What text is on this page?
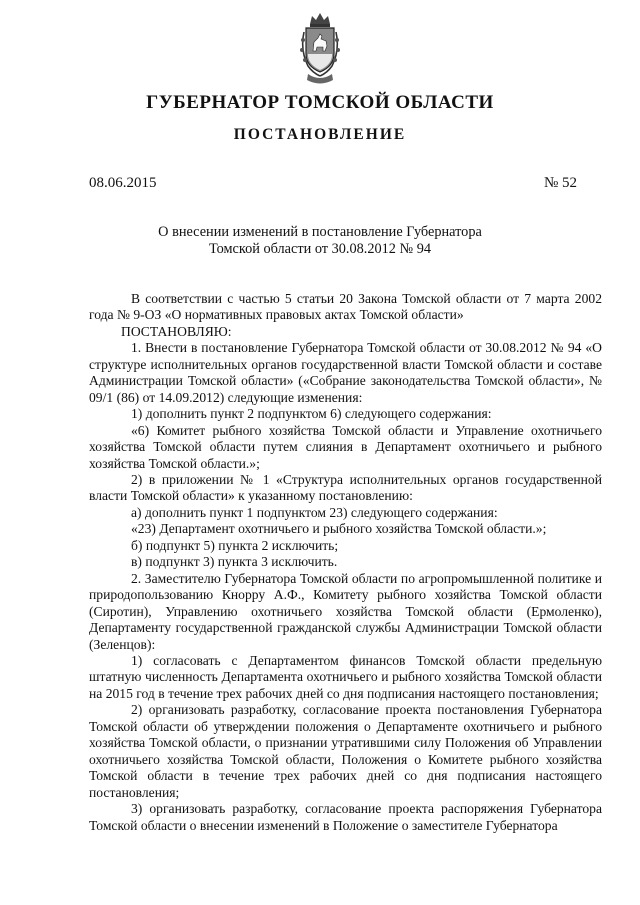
ГУБЕРНАТОР ТОМСКОЙ ОБЛАСТИ
ПОСТАНОВЛЕНИЕ
08.06.2015	№ 52
О внесении изменений в постановление Губернатора
Томской области от 30.08.2012 № 94

В соответствии с частью 5 статьи 20 Закона Томской области от 7 марта 2002 года № 9-ОЗ «О нормативных правовых актах Томской области»

ПОСТАНОВЛЯЮ:

1. Внести в постановление Губернатора Томской области от 30.08.2012 № 94 «О структуре исполнительных органов государственной власти Томской области и составе Администрации Томской области» («Собрание законодательства Томской области», № 09/1 (86) от 14.09.2012) следующие изменения:

1) дополнить пункт 2 подпунктом 6) следующего содержания:

«6) Комитет рыбного хозяйства Томской области и Управление охотничьего хозяйства Томской области путем слияния в Департамент охотничьего и рыбного хозяйства Томской области.»;

2) в приложении № 1 «Структура исполнительных органов государственной власти Томской области» к указанному постановлению:

а) дополнить пункт 1 подпунктом 23) следующего содержания:

«23) Департамент охотничьего и рыбного хозяйства Томской области.»;

б) подпункт 5) пункта 2 исключить;

в) подпункт 3) пункта 3 исключить.

2. Заместителю Губернатора Томской области по агропромышленной политике и природопользованию Кнорру А.Ф., Комитету рыбного хозяйства Томской области (Сиротин), Управлению охотничьего хозяйства Томской области (Ермоленко), Департаменту государственной гражданской службы Администрации Томской области (Зеленцов):

1) согласовать с Департаментом финансов Томской области предельную штатную численность Департамента охотничьего и рыбного хозяйства Томской области на 2015 год в течение трех рабочих дней со дня подписания настоящего постановления;

2) организовать разработку, согласование проекта постановления Губернатора Томской области об утверждении положения о Департаменте охотничьего и рыбного хозяйства Томской области, о признании утратившими силу Положения об Управлении охотничьего хозяйства Томской области, Положения о Комитете рыбного хозяйства Томской области в течение трех рабочих дней со дня подписания настоящего постановления;

3) организовать разработку, согласование проекта распоряжения Губернатора Томской области о внесении изменений в Положение о заместителе Губернатора
